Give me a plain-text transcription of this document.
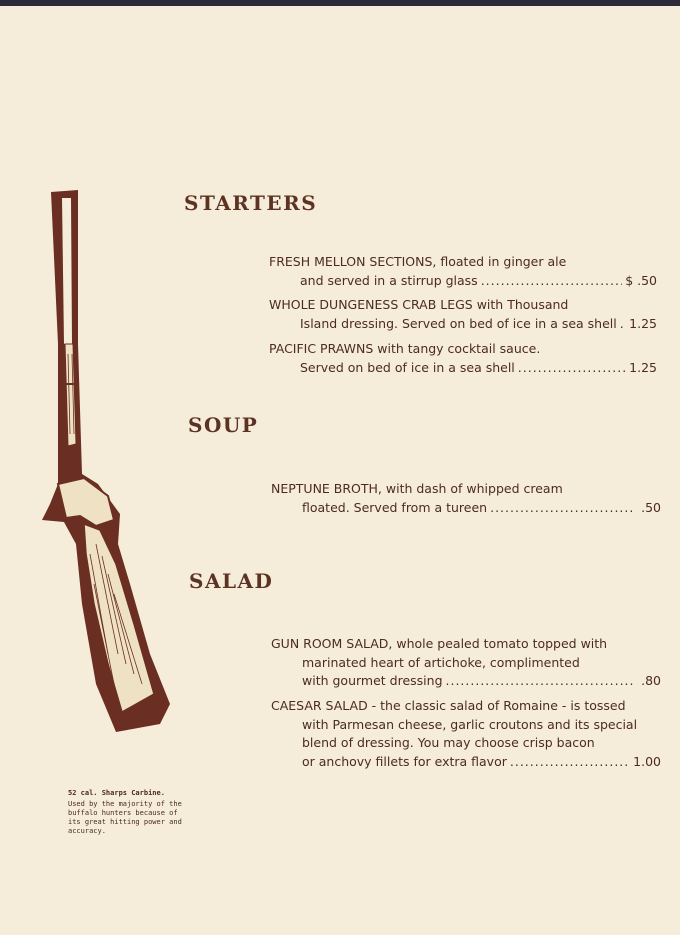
STARTERS
FRESH MELLON SECTIONS, floated in ginger ale
and served in a stirrup glass .....	$ .50
WHOLE DUNGENESS CRAB LEGS with Thousand
Island dressing. Served on bed of ice in a sea shell ..... 1.25
PACIFIC PRAWNS with tangy cocktail sauce.
Served on bed of ice in a sea shell .....	1.25
SOUP
NEPTUNE BROTH, with dash of whipped cream
floated. Served from a tureen .....	.50
SALAD
GUN ROOM SALAD, whole pealed tomato topped with
marinated heart of artichoke, complimented
with gourmet dressing .....	.80
CAESAR SALAD - the classic salad of Romaine - is tossed
with Parmesan cheese, garlic croutons and its special
blend of dressing. You may choose crisp bacon
or anchovy fillets for extra flavor .....	1.00
52 cal. Sharps Carbine.
Used by the majority of the buffalo hunters because of its great hitting power and accuracy.
